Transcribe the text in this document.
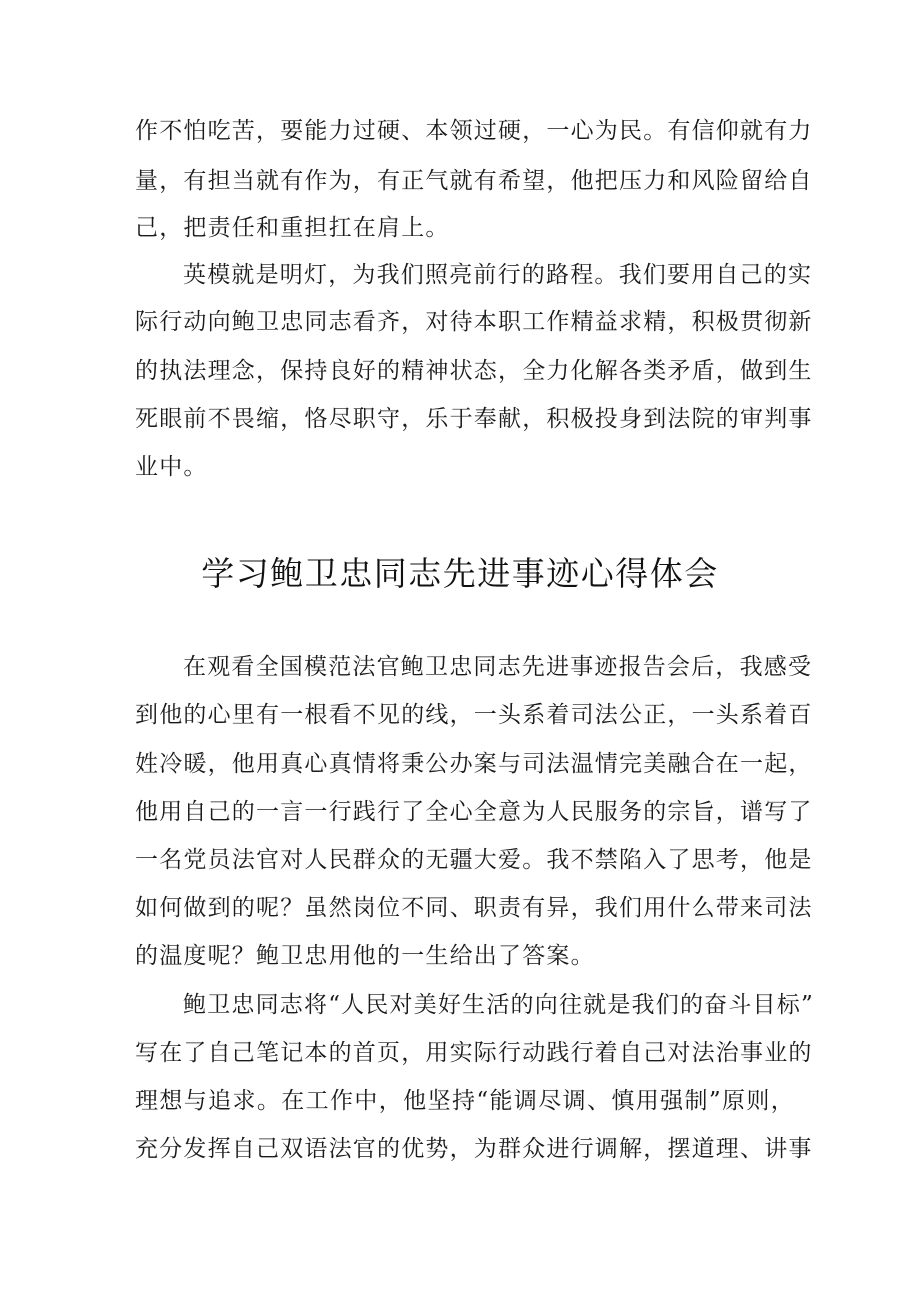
作不怕吃苦，要能力过硬、本领过硬，一心为民。有信仰就有力
量，有担当就有作为，有正气就有希望，他把压力和风险留给自
己，把责任和重担扛在肩上。
英模就是明灯，为我们照亮前行的路程。我们要用自己的实
际行动向鲍卫忠同志看齐，对待本职工作精益求精，积极贯彻新
的执法理念，保持良好的精神状态，全力化解各类矛盾，做到生
死眼前不畏缩，恪尽职守，乐于奉献，积极投身到法院的审判事
业中。
学习鲍卫忠同志先进事迹心得体会
在观看全国模范法官鲍卫忠同志先进事迹报告会后，我感受
到他的心里有一根看不见的线，一头系着司法公正，一头系着百
姓冷暖，他用真心真情将秉公办案与司法温情完美融合在一起，
他用自己的一言一行践行了全心全意为人民服务的宗旨，谱写了
一名党员法官对人民群众的无疆大爱。我不禁陷入了思考，他是
如何做到的呢？虽然岗位不同、职责有异，我们用什么带来司法
的温度呢？鲍卫忠用他的一生给出了答案。
鲍卫忠同志将“人民对美好生活的向往就是我们的奋斗目标”
写在了自己笔记本的首页，用实际行动践行着自己对法治事业的
理想与追求。在工作中，他坚持“能调尽调、慎用强制”原则，
充分发挥自己双语法官的优势，为群众进行调解，摆道理、讲事
